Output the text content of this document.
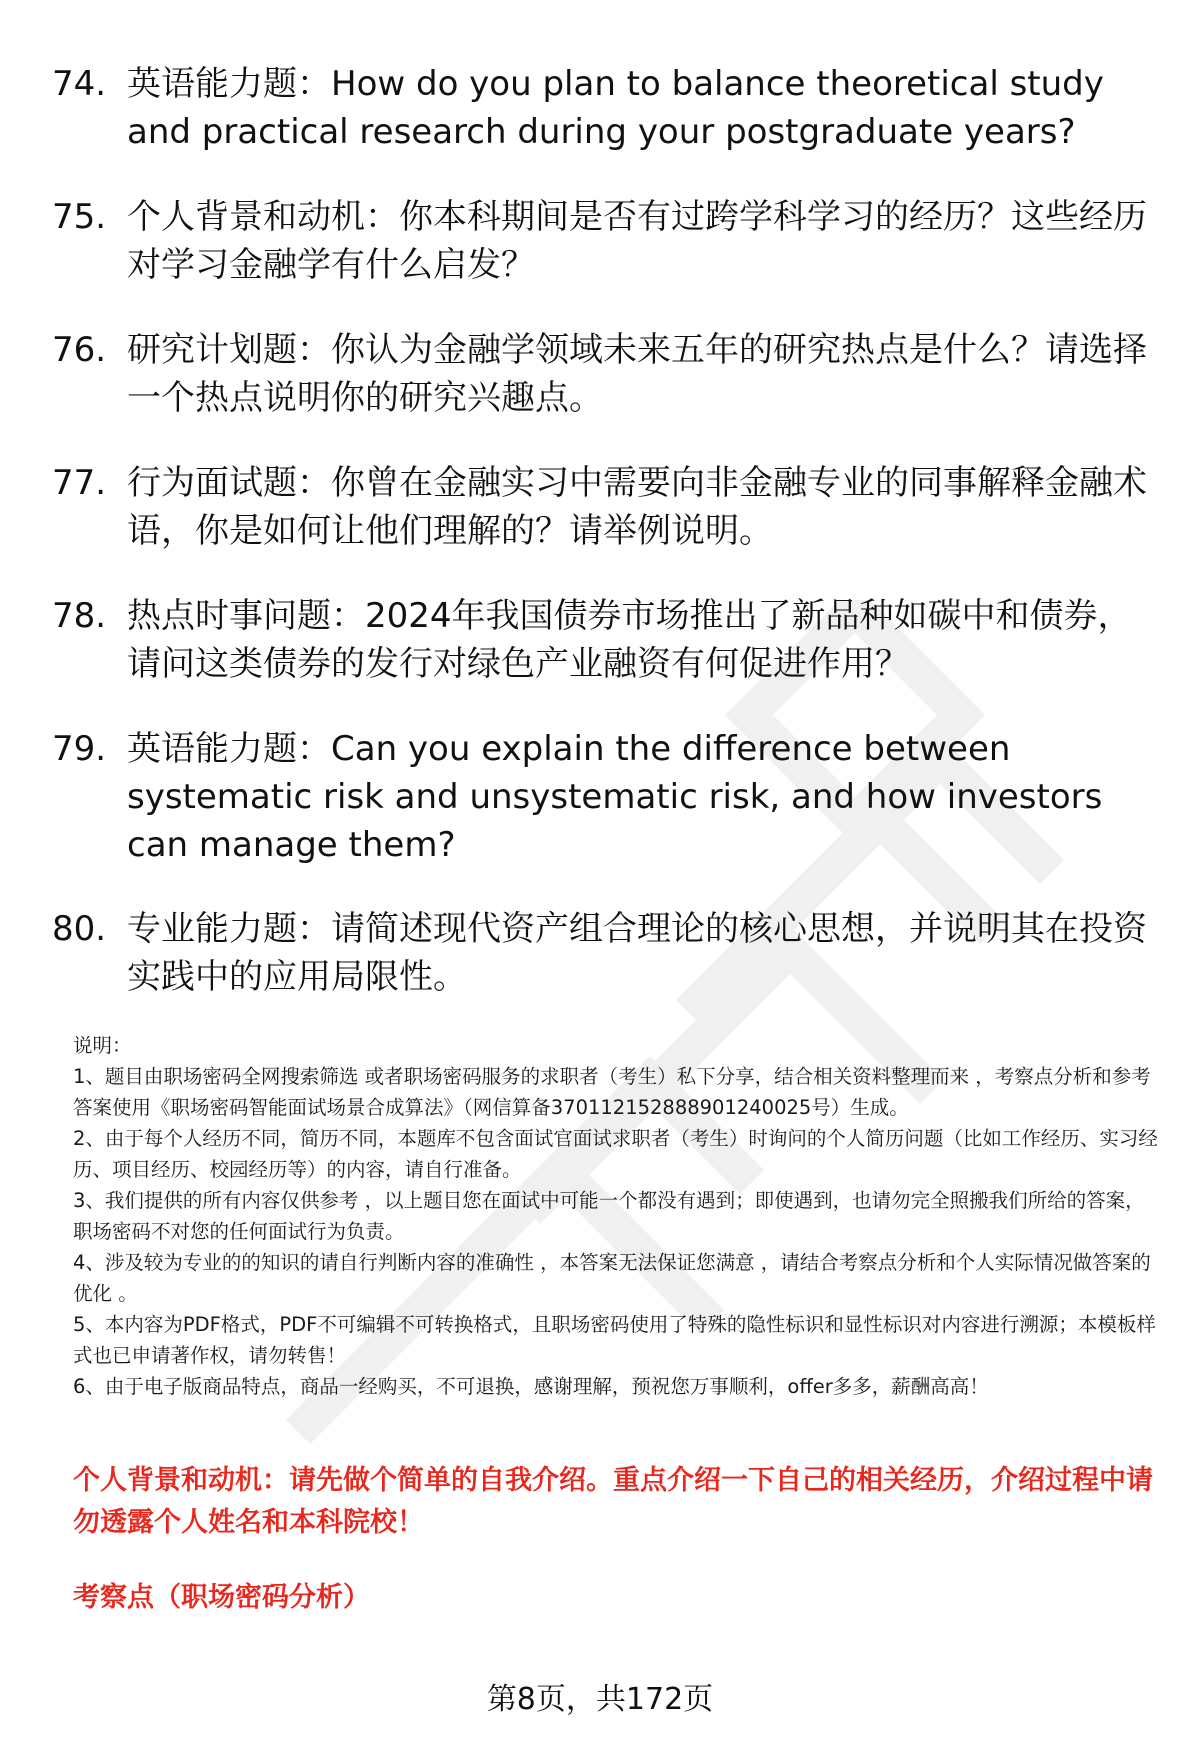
74. 英语能力题：How do you plan to balance theoretical study and practical research during your postgraduate years?
75. 个人背景和动机：你本科期间是否有过跨学科学习的经历？这些经历对学习金融学有什么启发？
76. 研究计划题：你认为金融学领域未来五年的研究热点是什么？请选择一个热点说明你的研究兴趣点。
77. 行为面试题：你曾在金融实习中需要向非金融专业的同事解释金融术语，你是如何让他们理解的？请举例说明。
78. 热点时事问题：2024年我国债券市场推出了新品种如碳中和债券，请问这类债券的发行对绿色产业融资有何促进作用？
79. 英语能力题：Can you explain the difference between systematic risk and unsystematic risk, and how investors can manage them?
80. 专业能力题：请简述现代资产组合理论的核心思想，并说明其在投资实践中的应用局限性。

说明：

1、题目由职场密码全网搜索筛选 或者职场密码服务的求职者（考生）私下分享，结合相关资料整理而来 ，考察点分析和参考答案使用《职场密码智能面试场景合成算法》（网信算备370112152888901240025号）生成。

2、由于每个人经历不同，简历不同，本题库不包含面试官面试求职者（考生）时询问的个人简历问题（比如工作经历、实习经历、项目经历、校园经历等）的内容，请自行准备。

3、我们提供的所有内容仅供参考 ，以上题目您在面试中可能一个都没有遇到；即使遇到，也请勿完全照搬我们所给的答案，职场密码不对您的任何面试行为负责。

4、涉及较为专业的的知识的请自行判断内容的准确性 ，本答案无法保证您满意 ，请结合考察点分析和个人实际情况做答案的优化 。

5、本内容为PDF格式，PDF不可编辑不可转换格式，且职场密码使用了特殊的隐性标识和显性标识对内容进行溯源；本模板样式也已申请著作权，请勿转售！

6、由于电子版商品特点，商品一经购买，不可退换，感谢理解，预祝您万事顺利，offer多多，薪酬高高！

个人背景和动机：请先做个简单的自我介绍。重点介绍一下自己的相关经历，介绍过程中请勿透露个人姓名和本科院校！

考察点（职场密码分析）

第8页，共172页
